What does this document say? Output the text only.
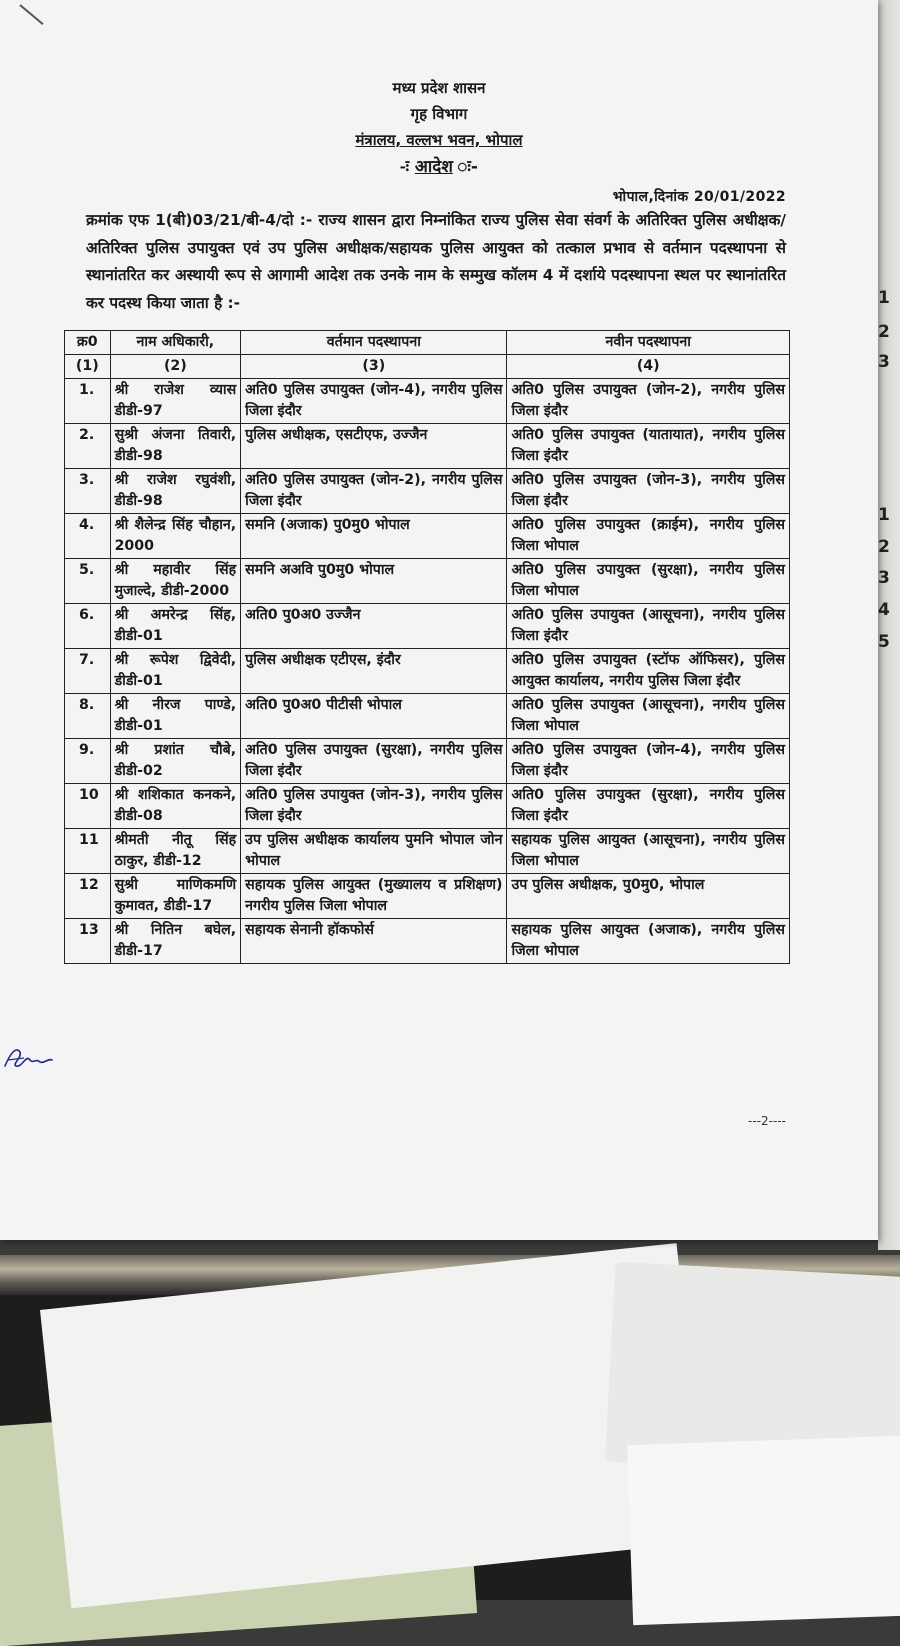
1
2
3
1
2
3
4
5
मध्य प्रदेश शासन
गृह विभाग
मंत्रालय, वल्लभ भवन, भोपाल
-ः आदेश ः-
भोपाल,दिनांक 20/01/2022
क्रमांक एफ 1(बी)03/21/बी-4/दो :- राज्य शासन द्वारा निम्नांकित राज्य पुलिस सेवा संवर्ग के अतिरिक्त पुलिस अधीक्षक/अतिरिक्त पुलिस उपायुक्त एवं उप पुलिस अधीक्षक/सहायक पुलिस आयुक्त को तत्काल प्रभाव से वर्तमान पदस्थापना से स्थानांतरित कर अस्थायी रूप से आगामी आदेश तक उनके नाम के सम्मुख कॉलम 4 में दर्शाये पदस्थापना स्थल पर स्थानांतरित कर पदस्थ किया जाता है :-
क्र0	नाम अधिकारी,	वर्तमान पदस्थापना	नवीन पदस्थापना
(1)	(2)	(3)	(4)
1.	श्री राजेश व्यास डीडी-97	अति0 पुलिस उपायुक्त (जोन-4), नगरीय पुलिस जिला इंदौर	अति0 पुलिस उपायुक्त (जोन-2), नगरीय पुलिस जिला इंदौर
2.	सुश्री अंजना तिवारी, डीडी-98	पुलिस अधीक्षक, एसटीएफ, उज्जैन	अति0 पुलिस उपायुक्त (यातायात), नगरीय पुलिस जिला इंदौर
3.	श्री राजेश रघुवंशी, डीडी-98	अति0 पुलिस उपायुक्त (जोन-2), नगरीय पुलिस जिला इंदौर	अति0 पुलिस उपायुक्त (जोन-3), नगरीय पुलिस जिला इंदौर
4.	श्री शैलेन्द्र सिंह चौहान, 2000	समनि (अजाक) पु0मु0 भोपाल	अति0 पुलिस उपायुक्त (क्राईम), नगरीय पुलिस जिला भोपाल
5.	श्री महावीर सिंह मुजाल्दे, डीडी-2000	समनि अअवि पु0मु0 भोपाल	अति0 पुलिस उपायुक्त (सुरक्षा), नगरीय पुलिस जिला भोपाल
6.	श्री अमरेन्द्र सिंह, डीडी-01	अति0 पु0अ0 उज्जैन	अति0 पुलिस उपायुक्त (आसूचना), नगरीय पुलिस जिला इंदौर
7.	श्री रूपेश द्विवेदी, डीडी-01	पुलिस अधीक्षक एटीएस, इंदौर	अति0 पुलिस उपायुक्त (स्टॉफ ऑफिसर), पुलिस आयुक्त कार्यालय, नगरीय पुलिस जिला इंदौर
8.	श्री नीरज पाण्डे, डीडी-01	अति0 पु0अ0 पीटीसी भोपाल	अति0 पुलिस उपायुक्त (आसूचना), नगरीय पुलिस जिला भोपाल
9.	श्री प्रशांत चौबे, डीडी-02	अति0 पुलिस उपायुक्त (सुरक्षा), नगरीय पुलिस जिला इंदौर	अति0 पुलिस उपायुक्त (जोन-4), नगरीय पुलिस जिला इंदौर
10	श्री शशिकात कनकने, डीडी-08	अति0 पुलिस उपायुक्त (जोन-3), नगरीय पुलिस जिला इंदौर	अति0 पुलिस उपायुक्त (सुरक्षा), नगरीय पुलिस जिला इंदौर
11	श्रीमती नीतू सिंह ठाकुर, डीडी-12	उप पुलिस अधीक्षक कार्यालय पुमनि भोपाल जोन भोपाल	सहायक पुलिस आयुक्त (आसूचना), नगरीय पुलिस जिला भोपाल
12	सुश्री माणिकमणि कुमावत, डीडी-17	सहायक पुलिस आयुक्त (मुख्यालय व प्रशिक्षण) नगरीय पुलिस जिला भोपाल	उप पुलिस अधीक्षक, पु0मु0, भोपाल
13	श्री नितिन बघेल, डीडी-17	सहायक सेनानी हॉकफोर्स	सहायक पुलिस आयुक्त (अजाक), नगरीय पुलिस जिला भोपाल
---2----
